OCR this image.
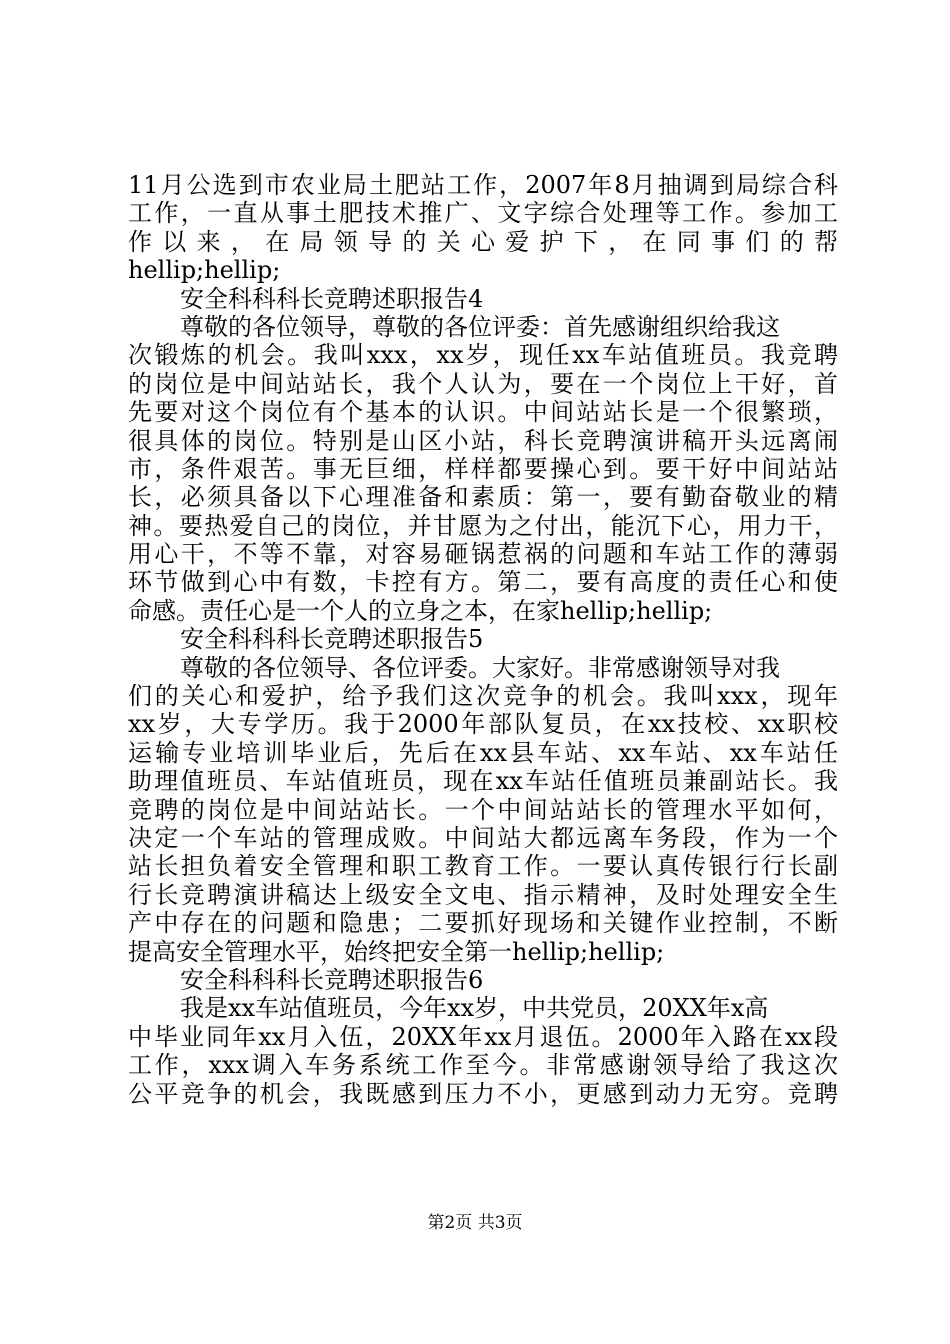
11月公选到市农业局土肥站工作，2007年8月抽调到局综合科
工作，一直从事土肥技术推广、文字综合处理等工作。参加工
作 以 来 ， 在 局 领 导 的 关 心 爱 护 下 ， 在 同 事 们 的 帮
hellip;hellip;
安全科科科长竞聘述职报告4
尊敬的各位领导，尊敬的各位评委：首先感谢组织给我这
次锻炼的机会。我叫xxx，xx岁，现任xx车站值班员。我竞聘
的岗位是中间站站长，我个人认为，要在一个岗位上干好，首
先要对这个岗位有个基本的认识。中间站站长是一个很繁琐，
很具体的岗位。特别是山区小站，科长竞聘演讲稿开头远离闹
市，条件艰苦。事无巨细，样样都要操心到。要干好中间站站
长，必须具备以下心理准备和素质：第一，要有勤奋敬业的精
神。要热爱自己的岗位，并甘愿为之付出，能沉下心，用力干，
用心干，不等不靠，对容易砸锅惹祸的问题和车站工作的薄弱
环节做到心中有数，卡控有方。第二，要有高度的责任心和使
命感。责任心是一个人的立身之本，在家hellip;hellip;
安全科科科长竞聘述职报告5
尊敬的各位领导、各位评委。大家好。非常感谢领导对我
们的关心和爱护，给予我们这次竞争的机会。我叫xxx，现年
xx岁，大专学历。我于2000年部队复员，在xx技校、xx职校
运输专业培训毕业后，先后在xx县车站、xx车站、xx车站任
助理值班员、车站值班员，现在xx车站任值班员兼副站长。我
竞聘的岗位是中间站站长。一个中间站站长的管理水平如何，
决定一个车站的管理成败。中间站大都远离车务段，作为一个
站长担负着安全管理和职工教育工作。一要认真传银行行长副
行长竞聘演讲稿达上级安全文电、指示精神，及时处理安全生
产中存在的问题和隐患；二要抓好现场和关键作业控制，不断
提高安全管理水平，始终把安全第一hellip;hellip;
安全科科科长竞聘述职报告6
我是xx车站值班员，今年xx岁，中共党员，20XX年x高
中毕业同年xx月入伍，20XX年xx月退伍。2000年入路在xx段
工作，xxx调入车务系统工作至今。非常感谢领导给了我这次
公平竞争的机会，我既感到压力不小，更感到动力无穷。竞聘
第2页 共3页
